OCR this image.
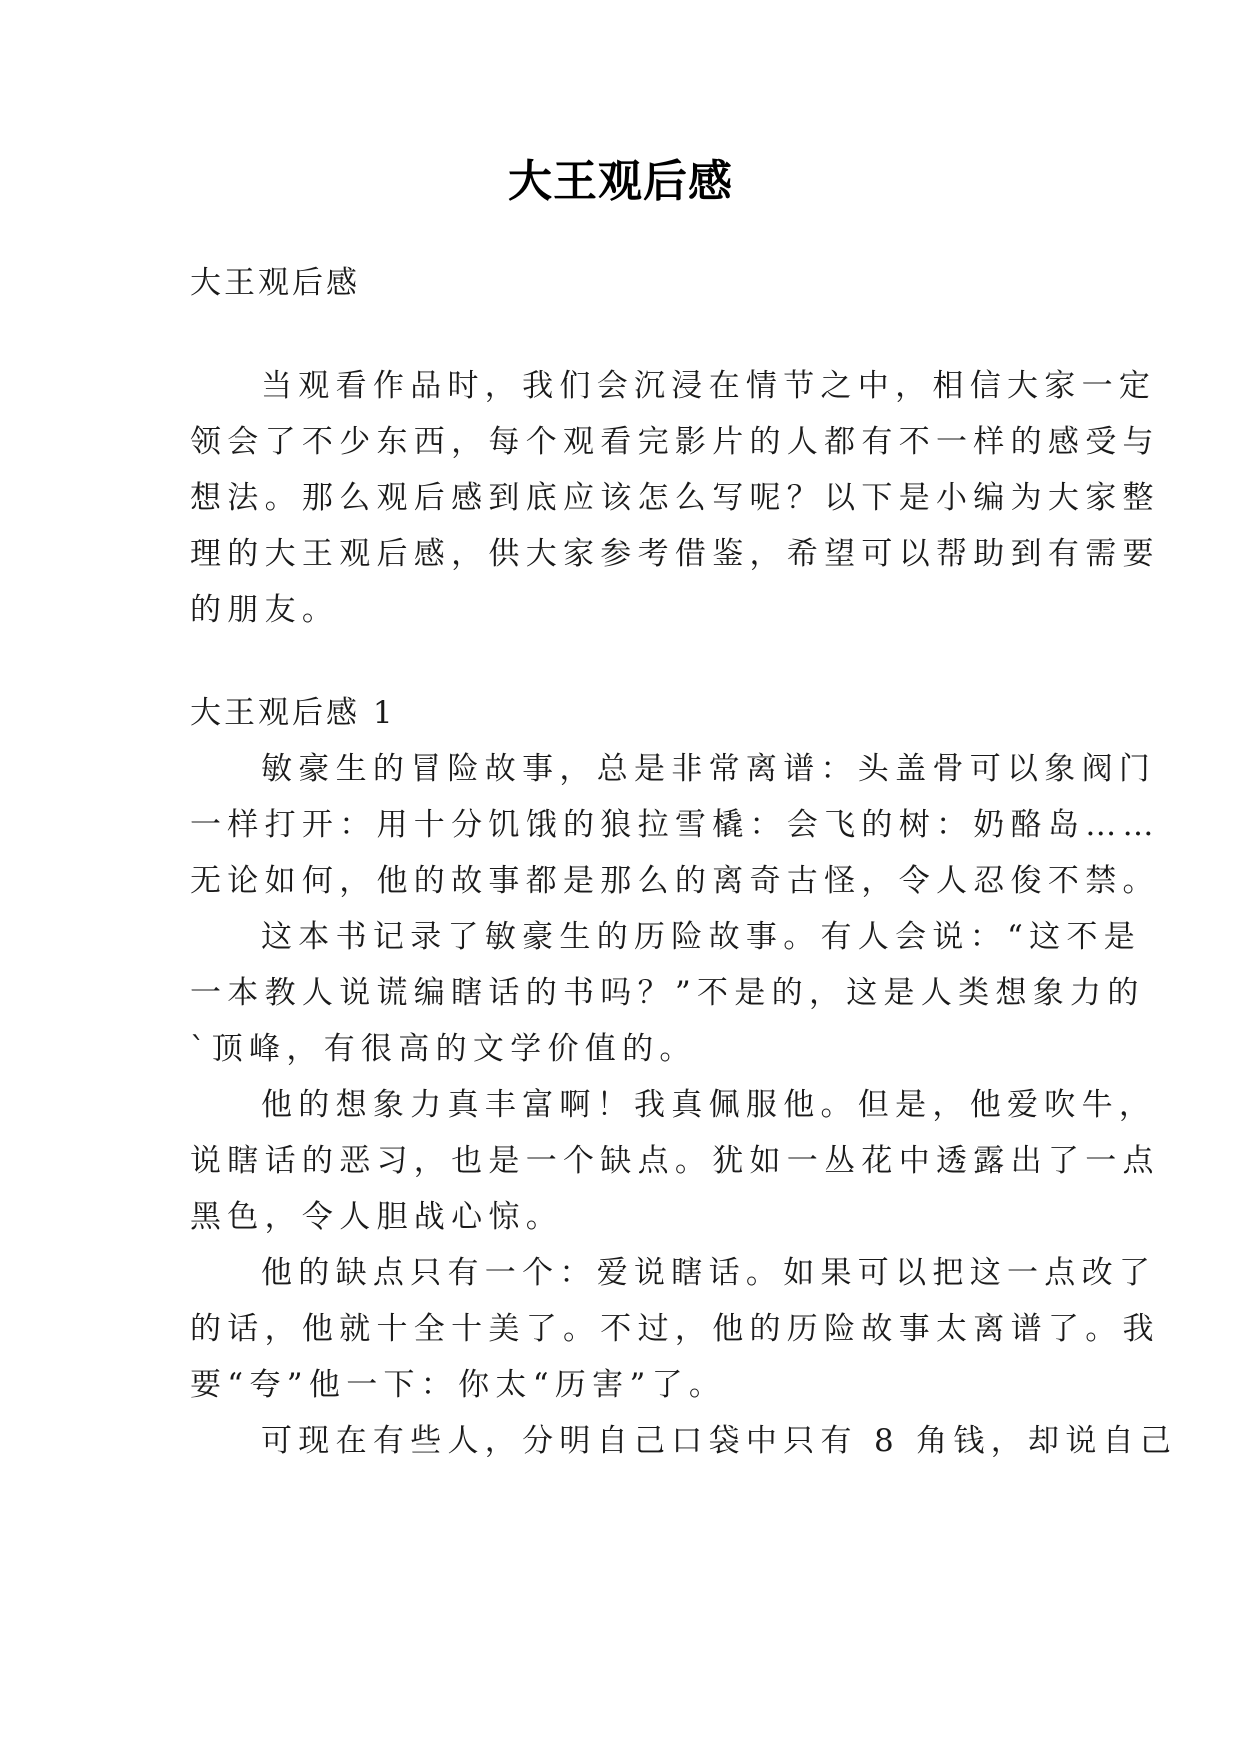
大王观后感
大王观后感
当观看作品时，我们会沉浸在情节之中，相信大家一定
领会了不少东西，每个观看完影片的人都有不一样的感受与
想法。那么观后感到底应该怎么写呢？以下是小编为大家整
理的大王观后感，供大家参考借鉴，希望可以帮助到有需要
的朋友。
大王观后感 1
敏豪生的冒险故事，总是非常离谱：头盖骨可以象阀门
一样打开：用十分饥饿的狼拉雪橇：会飞的树：奶酪岛……
无论如何，他的故事都是那么的离奇古怪，令人忍俊不禁。
这本书记录了敏豪生的历险故事。有人会说：“这不是
一本教人说谎编瞎话的书吗？”不是的，这是人类想象力的
`顶峰，有很高的文学价值的。
他的想象力真丰富啊！我真佩服他。但是，他爱吹牛，
说瞎话的恶习，也是一个缺点。犹如一丛花中透露出了一点
黑色，令人胆战心惊。
他的缺点只有一个：爱说瞎话。如果可以把这一点改了
的话，他就十全十美了。不过，他的历险故事太离谱了。我
要“夸”他一下：你太“历害”了。
可现在有些人，分明自己口袋中只有 8 角钱，却说自己
